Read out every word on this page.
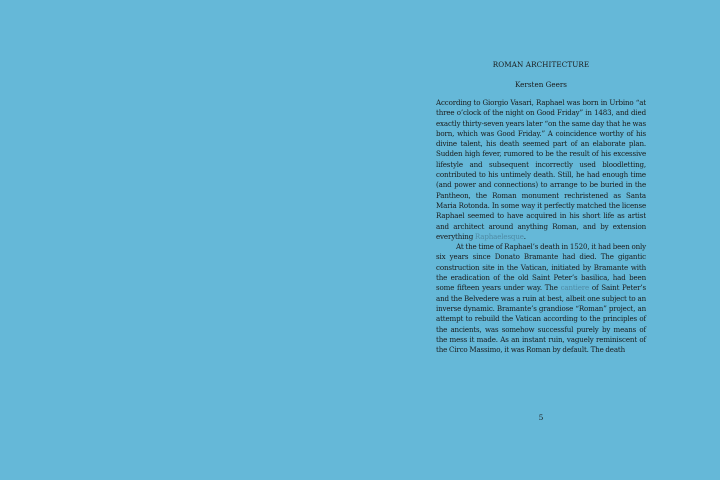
ROMAN ARCHITECTURE
Kersten Geers

According to Giorgio Vasari, Raphael was born in Urbino “at three o’clock of the night on Good Friday” in 1483, and died exactly thirty-seven years later “on the same day that he was born, which was Good Friday.” A coincidence worthy of his divine talent, his death seemed part of an elaborate plan. Sudden high fever, rumored to be the result of his excessive lifestyle and subsequent incorrectly used bloodletting, contributed to his untimely death. Still, he had enough time (and power and connections) to arrange to be buried in the Pantheon, the Roman monument rechristened as Santa Maria Rotonda. In some way it perfectly matched the license Raphael seemed to have acquired in his short life as artist and architect around anything Roman, and by extension everything Raphaelesque.

At the time of Raphael’s death in 1520, it had been only six years since Donato Bramante had died. The gigantic construction site in the Vatican, initiated by Bramante with the eradication of the old Saint Peter’s basilica, had been some fifteen years under way. The cantiere of Saint Peter’s and the Belvedere was a ruin at best, albeit one subject to an inverse dynamic. Bramante’s grandiose “Roman” project, an attempt to rebuild the Vatican according to the principles of the ancients, was somehow successful purely by means of the mess it made. As an instant ruin, vaguely reminiscent of the Circo Massimo, it was Roman by default. The death

5
